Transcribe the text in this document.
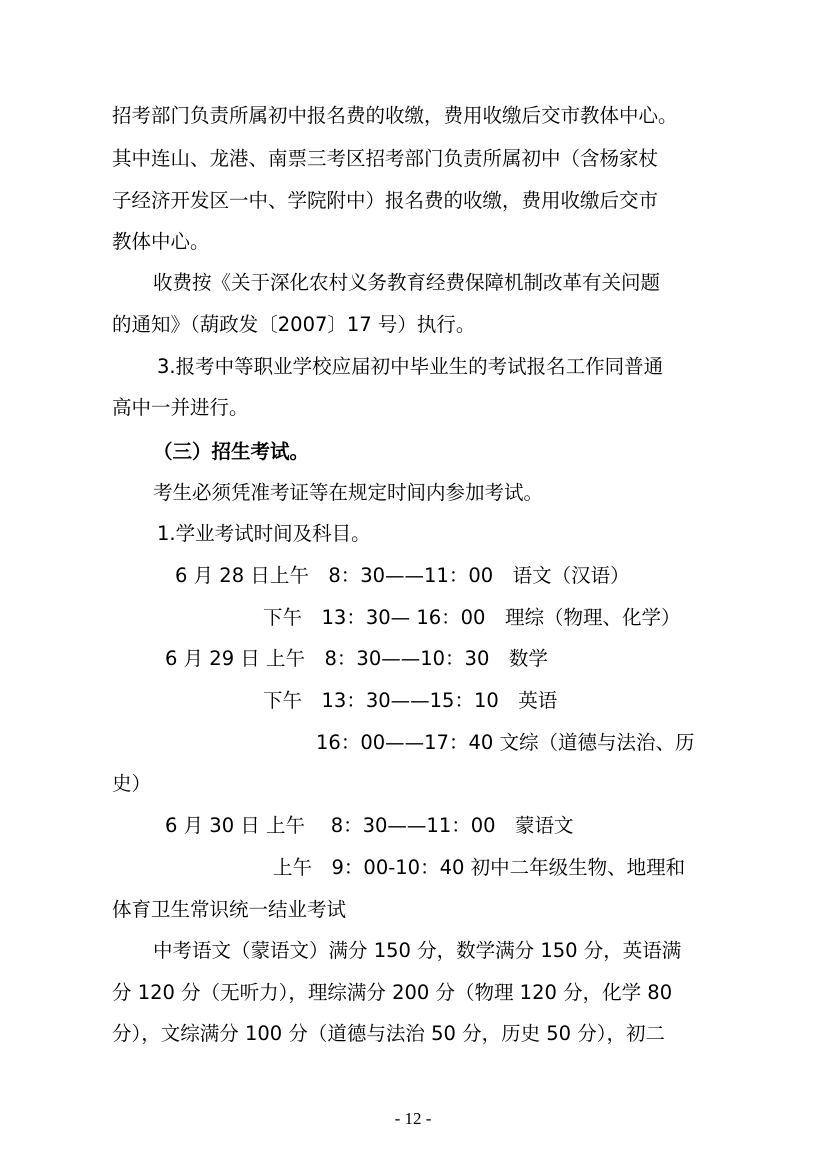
招考部门负责所属初中报名费的收缴，费用收缴后交市教体中心。
其中连山、龙港、南票三考区招考部门负责所属初中（含杨家杖
子经济开发区一中、学院附中）报名费的收缴，费用收缴后交市
教体中心。
收费按《关于深化农村义务教育经费保障机制改革有关问题
的通知》（葫政发〔2007〕17 号）执行。
3.报考中等职业学校应届初中毕业生的考试报名工作同普通
高中一并进行。
（三）招生考试。
考生必须凭准考证等在规定时间内参加考试。
1.学业考试时间及科目。
6 月 28 日上午　8：30——11：00　语文（汉语）
下午　13：30— 16：00　理综（物理、化学）
6 月 29 日 上午　8：30——10：30　数学
下午　13：30——15：10　英语
16：00——17：40 文综（道德与法治、历
史）
6 月 30 日 上午　 8：30——11：00　蒙语文
上午　9：00-10：40 初中二年级生物、地理和
体育卫生常识统一结业考试
中考语文（蒙语文）满分 150 分，数学满分 150 分，英语满
分 120 分（无听力），理综满分 200 分（物理 120 分，化学 80
分），文综满分 100 分（道德与法治 50 分，历史 50 分），初二
- 12 -
